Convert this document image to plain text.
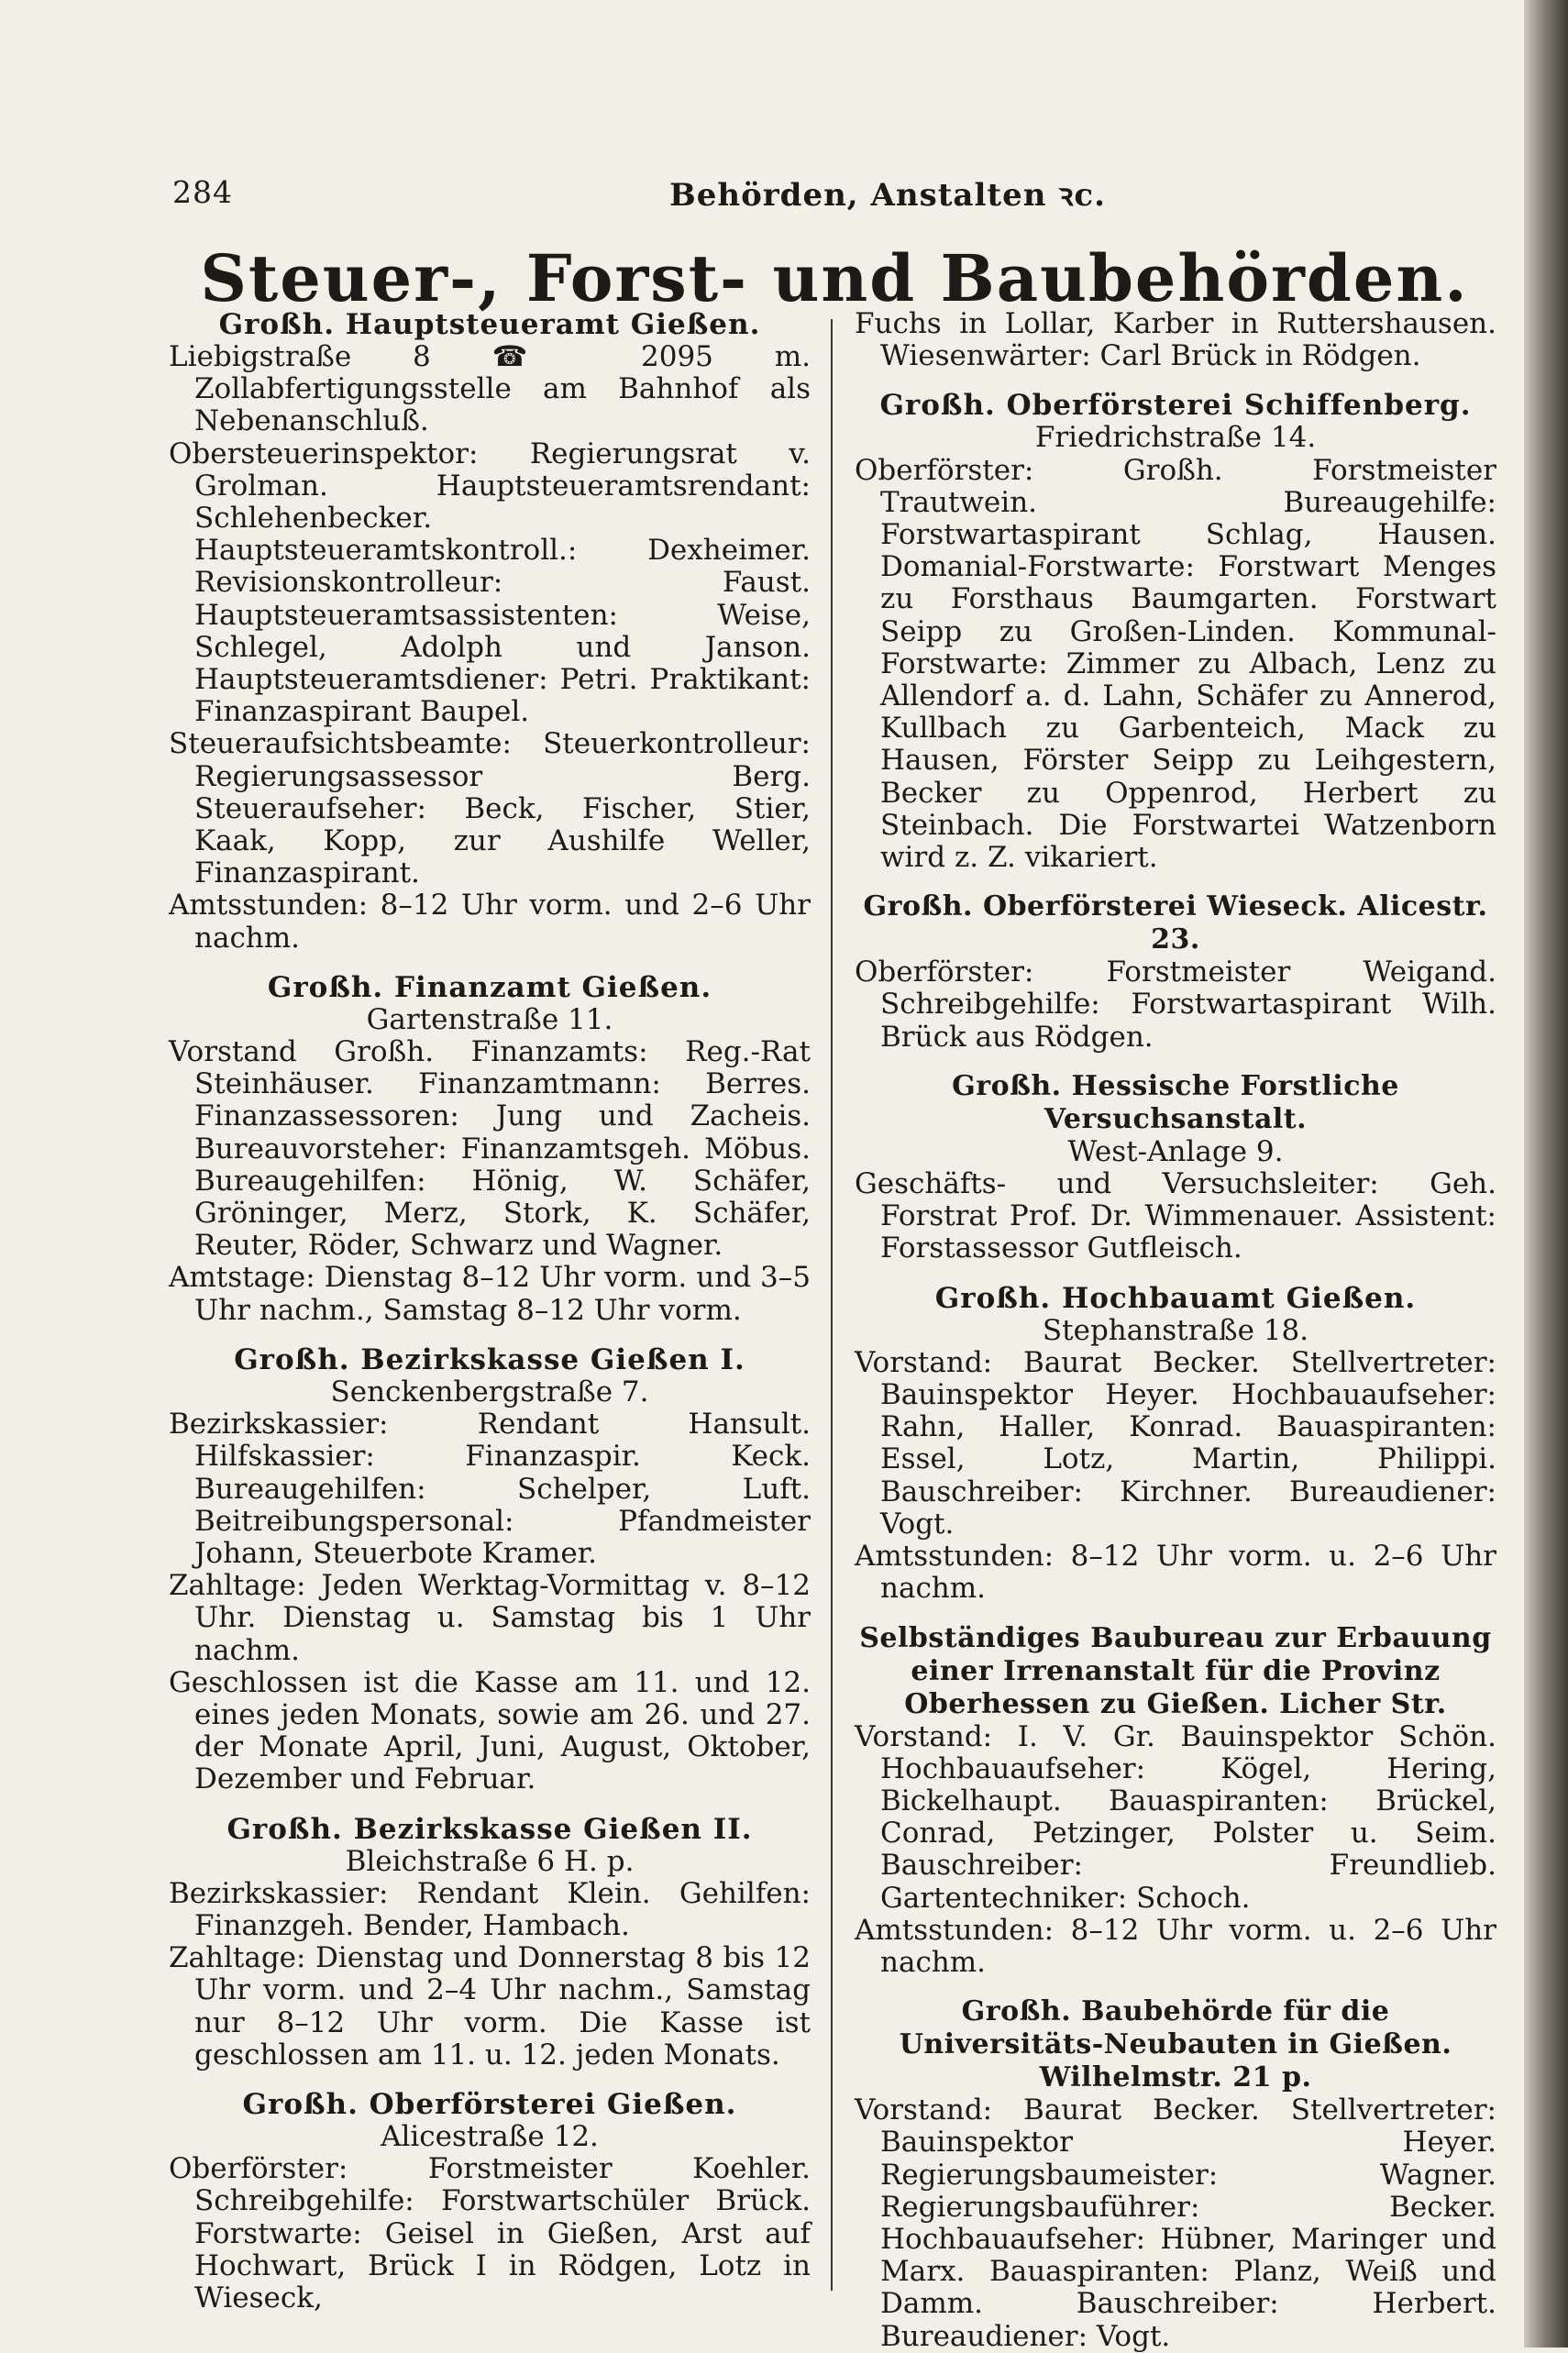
284	Behörden, Anstalten ꝛc.
Steuer-, Forst- und Baubehörden.
Großh. Hauptsteueramt Gießen.

Liebigstraße 8 ☎ 2095 m. Zollabfertigungsstelle am Bahnhof als Nebenanschluß.

Obersteuerinspektor: Regierungsrat v. Grolman. Hauptsteueramtsrendant: Schlehenbecker. Hauptsteueramtskontroll.: Dexheimer. Revisionskontrolleur: Faust. Hauptsteueramtsassistenten: Weise, Schlegel, Adolph und Janson. Hauptsteueramtsdiener: Petri. Praktikant: Finanzaspirant Baupel.

Steueraufsichtsbeamte: Steuerkontrolleur: Regierungsassessor Berg. Steueraufseher: Beck, Fischer, Stier, Kaak, Kopp, zur Aushilfe Weller, Finanzaspirant.

Amtsstunden: 8–12 Uhr vorm. und 2–6 Uhr nachm.

Großh. Finanzamt Gießen.
Gartenstraße 11.

Vorstand Großh. Finanzamts: Reg.-Rat Steinhäuser. Finanzamtmann: Berres. Finanzassessoren: Jung und Zacheis. Bureauvorsteher: Finanzamtsgeh. Möbus. Bureaugehilfen: Hönig, W. Schäfer, Gröninger, Merz, Stork, K. Schäfer, Reuter, Röder, Schwarz und Wagner.

Amtstage: Dienstag 8–12 Uhr vorm. und 3–5 Uhr nachm., Samstag 8–12 Uhr vorm.

Großh. Bezirkskasse Gießen I.
Senckenbergstraße 7.

Bezirkskassier: Rendant Hansult. Hilfskassier: Finanzaspir. Keck. Bureaugehilfen: Schelper, Luft. Beitreibungspersonal: Pfandmeister Johann, Steuerbote Kramer.

Zahltage: Jeden Werktag-Vormittag v. 8–12 Uhr. Dienstag u. Samstag bis 1 Uhr nachm.

Geschlossen ist die Kasse am 11. und 12. eines jeden Monats, sowie am 26. und 27. der Monate April, Juni, August, Oktober, Dezember und Februar.

Großh. Bezirkskasse Gießen II.
Bleichstraße 6 H. p.

Bezirkskassier: Rendant Klein. Gehilfen: Finanzgeh. Bender, Hambach.

Zahltage: Dienstag und Donnerstag 8 bis 12 Uhr vorm. und 2–4 Uhr nachm., Samstag nur 8–12 Uhr vorm. Die Kasse ist geschlossen am 11. u. 12. jeden Monats.

Großh. Oberförsterei Gießen.
Alicestraße 12.

Oberförster: Forstmeister Koehler. Schreibgehilfe: Forstwartschüler Brück. Forstwarte: Geisel in Gießen, Arst auf Hochwart, Brück I in Rödgen, Lotz in Wieseck,

Fuchs in Lollar, Karber in Ruttershausen. Wiesenwärter: Carl Brück in Rödgen.

Großh. Oberförsterei Schiffenberg.
Friedrichstraße 14.

Oberförster: Großh. Forstmeister Trautwein. Bureaugehilfe: Forstwartaspirant Schlag, Hausen. Domanial-Forstwarte: Forstwart Menges zu Forsthaus Baumgarten. Forstwart Seipp zu Großen-Linden. Kommunal-Forstwarte: Zimmer zu Albach, Lenz zu Allendorf a. d. Lahn, Schäfer zu Annerod, Kullbach zu Garbenteich, Mack zu Hausen, Förster Seipp zu Leihgestern, Becker zu Oppenrod, Herbert zu Steinbach. Die Forstwartei Watzenborn wird z. Z. vikariert.

Großh. Oberförsterei Wieseck. Alicestr. 23.

Oberförster: Forstmeister Weigand. Schreibgehilfe: Forstwartaspirant Wilh. Brück aus Rödgen.

Großh. Hessische Forstliche Versuchsanstalt.
West-Anlage 9.

Geschäfts- und Versuchsleiter: Geh. Forstrat Prof. Dr. Wimmenauer. Assistent: Forstassessor Gutfleisch.

Großh. Hochbauamt Gießen.
Stephanstraße 18.

Vorstand: Baurat Becker. Stellvertreter: Bauinspektor Heyer. Hochbauaufseher: Rahn, Haller, Konrad. Bauaspiranten: Essel, Lotz, Martin, Philippi. Bauschreiber: Kirchner. Bureaudiener: Vogt.

Amtsstunden: 8–12 Uhr vorm. u. 2–6 Uhr nachm.

Selbständiges Baubureau zur Erbauung einer Irrenanstalt für die Provinz Oberhessen zu Gießen. Licher Str.

Vorstand: I. V. Gr. Bauinspektor Schön. Hochbauaufseher: Kögel, Hering, Bickelhaupt. Bauaspiranten: Brückel, Conrad, Petzinger, Polster u. Seim. Bauschreiber: Freundlieb. Gartentechniker: Schoch.

Amtsstunden: 8–12 Uhr vorm. u. 2–6 Uhr nachm.

Großh. Baubehörde für die Universitäts-Neubauten in Gießen. Wilhelmstr. 21 p.

Vorstand: Baurat Becker. Stellvertreter: Bauinspektor Heyer. Regierungsbaumeister: Wagner. Regierungsbauführer: Becker. Hochbauaufseher: Hübner, Maringer und Marx. Bauaspiranten: Planz, Weiß und Damm. Bauschreiber: Herbert. Bureaudiener: Vogt.
